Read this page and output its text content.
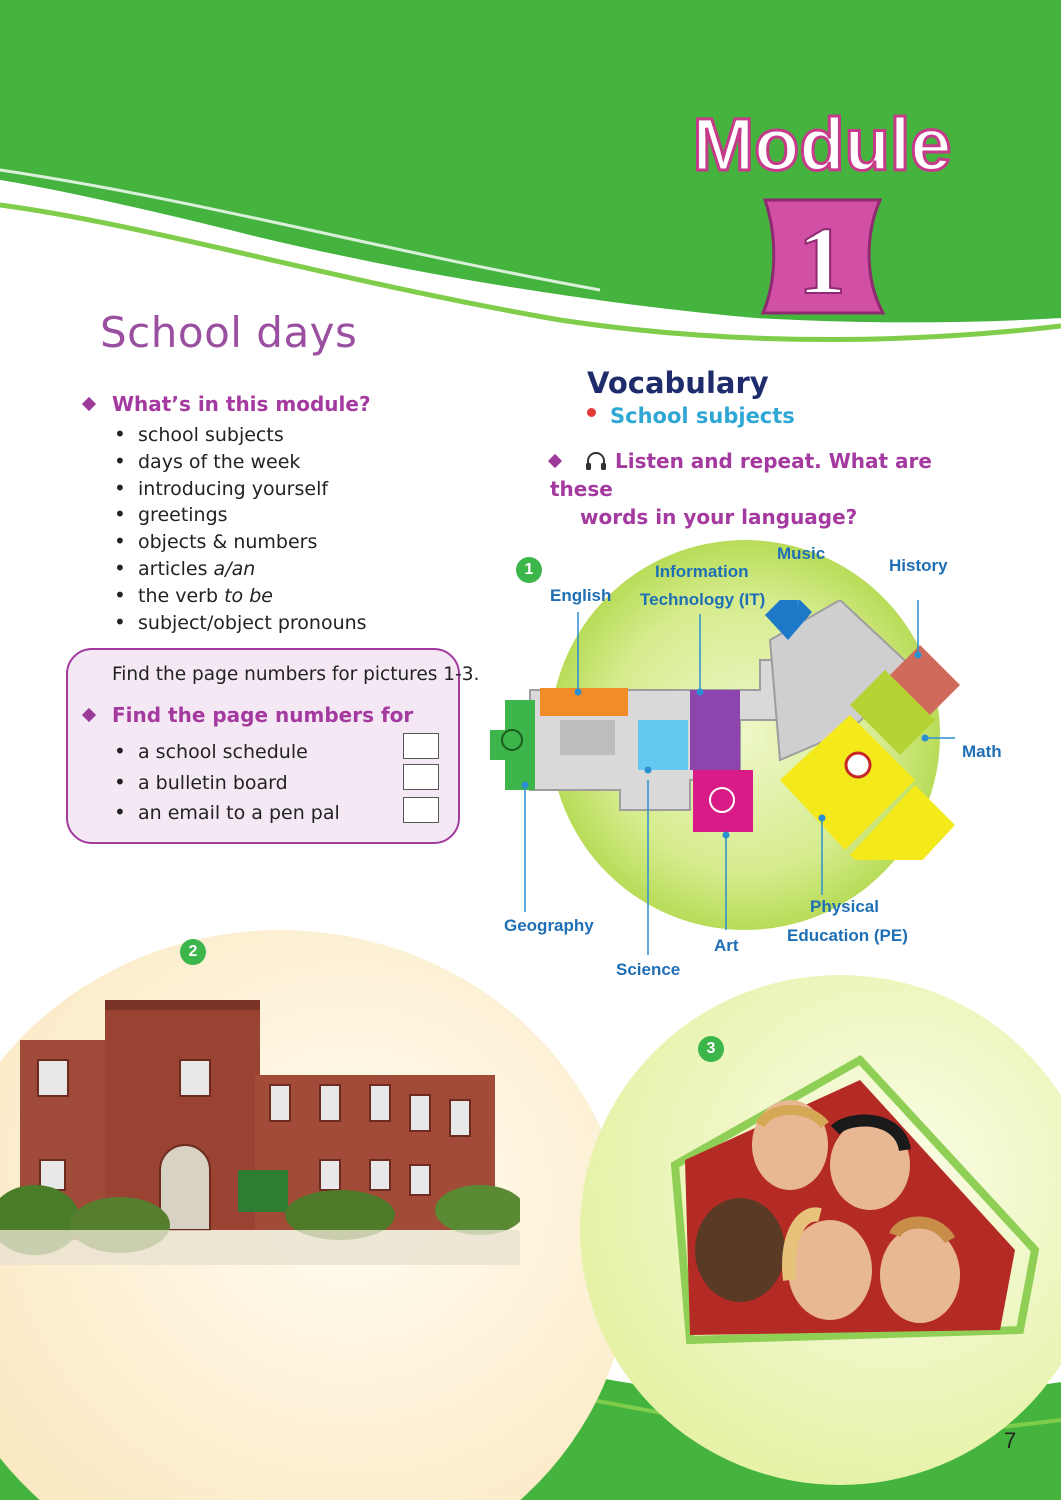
Module
1
School days
What’s in this module?
• school subjects
• days of the week
• introducing yourself
• greetings
• objects & numbers
• articles a/an
• the verb to be
• subject/object pronouns
Find the page numbers for pictures 1-3.
Find the page numbers for
• a school schedule
• a bulletin board
• an email to a pen pal
Vocabulary
School subjects
Listen and repeat. What are these
words in your language?
English
Information
Technology (IT)
Music
History
Math
Geography
Science
Art
Physical
Education (PE)
1
2
3
7
